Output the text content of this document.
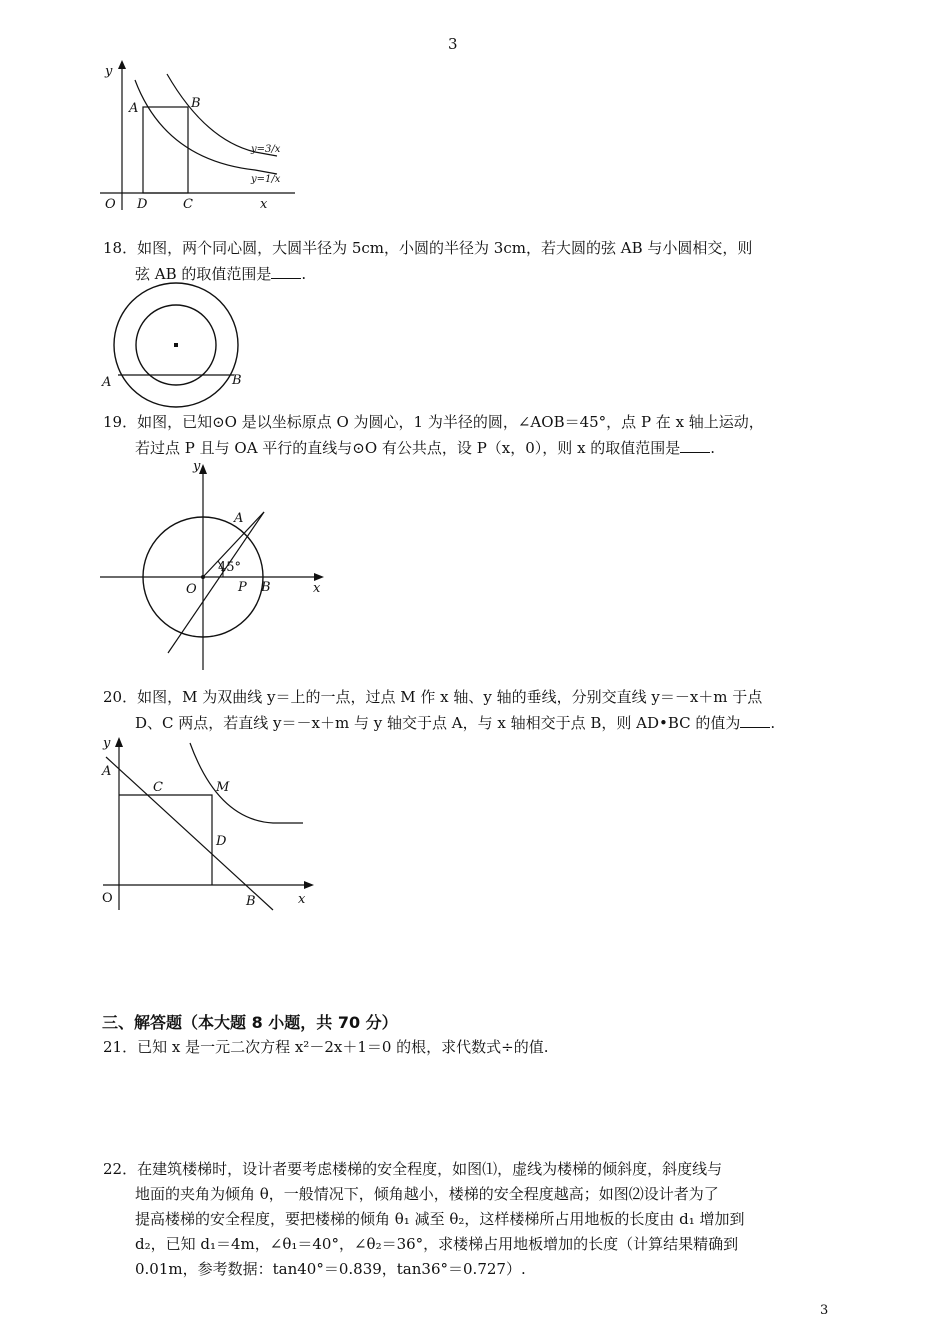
3
3
y
x
O
A	B
C
D
y=3/x
y=1/x
18．如图，两个同心圆，大圆半径为 5cm，小圆的半径为 3cm，若大圆的弦 AB 与小圆相交，则
弦 AB 的取值范围是 .
A	B
19．如图，已知⊙O 是以坐标原点 O 为圆心，1 为半径的圆，∠AOB＝45°，点 P 在 x 轴上运动，
若过点 P 且与 OA 平行的直线与⊙O 有公共点，设 P（x，0），则 x 的取值范围是 .
y
x
O
A
B
P
45°
20．如图，M 为双曲线 y＝上的一点，过点 M 作 x 轴、y 轴的垂线，分别交直线 y＝－x＋m 于点
D、C 两点，若直线 y＝－x＋m 与 y 轴交于点 A，与 x 轴相交于点 B，则 AD•BC 的值为 .
y
x
O
A
B
C
D
M
三、解答题（本大题 8 小题，共 70 分）
21．已知 x 是一元二次方程 x²－2x＋1＝0 的根，求代数式÷的值.
22．在建筑楼梯时，设计者要考虑楼梯的安全程度，如图⑴，虚线为楼梯的倾斜度，斜度线与
地面的夹角为倾角 θ，一般情况下，倾角越小，楼梯的安全程度越高；如图⑵设计者为了
提高楼梯的安全程度，要把楼梯的倾角 θ₁ 减至 θ₂，这样楼梯所占用地板的长度由 d₁ 增加到
d₂，已知 d₁＝4m，∠θ₁＝40°，∠θ₂＝36°，求楼梯占用地板增加的长度（计算结果精确到
0.01m，参考数据：tan40°＝0.839，tan36°＝0.727）.
